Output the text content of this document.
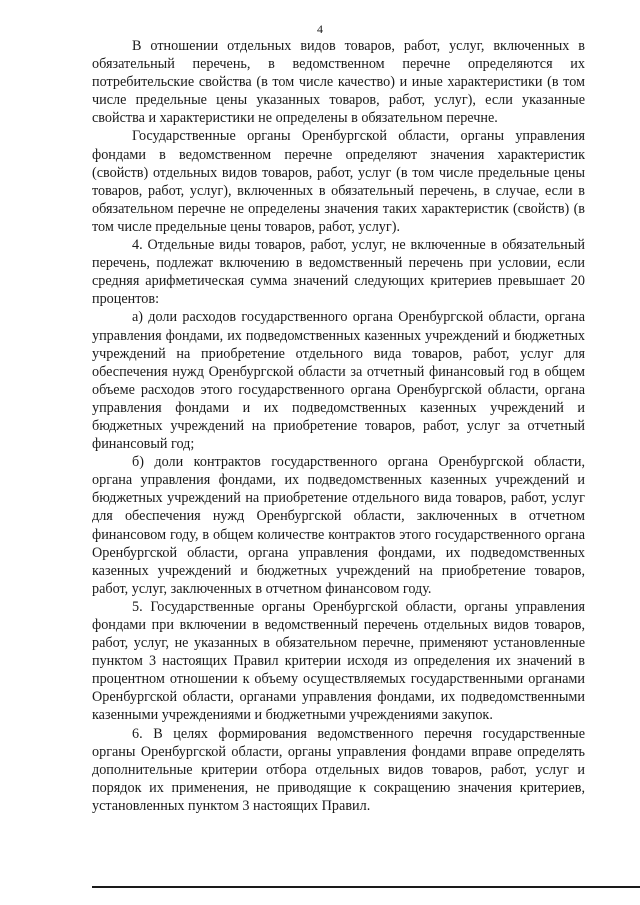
4

В отношении отдельных видов товаров, работ, услуг, включенных в обязательный перечень, в ведомственном перечне определяются их потребительские свойства (в том числе качество) и иные характеристики (в том числе предельные цены указанных товаров, работ, услуг), если указанные свойства и характеристики не определены в обязательном перечне.

Государственные органы Оренбургской области, органы управления фондами в ведомственном перечне определяют значения характеристик (свойств) отдельных видов товаров, работ, услуг (в том числе предельные цены товаров, работ, услуг), включенных в обязательный перечень, в случае, если в обязательном перечне не определены значения таких характеристик (свойств) (в том числе предельные цены товаров, работ, услуг).

4. Отдельные виды товаров, работ, услуг, не включенные в обязательный перечень, подлежат включению в ведомственный перечень при условии, если средняя арифметическая сумма значений следующих критериев превышает 20 процентов:

а) доли расходов государственного органа Оренбургской области, органа управления фондами, их подведомственных казенных учреждений и бюджетных учреждений на приобретение отдельного вида товаров, работ, услуг для обеспечения нужд Оренбургской области за отчетный финансовый год в общем объеме расходов этого государственного органа Оренбургской области, органа управления фондами и их подведомственных казенных учреждений и бюджетных учреждений на приобретение товаров, работ, услуг за отчетный финансовый год;

б) доли контрактов государственного органа Оренбургской области, органа управления фондами, их подведомственных казенных учреждений и бюджетных учреждений на приобретение отдельного вида товаров, работ, услуг для обеспечения нужд Оренбургской области, заключенных в отчетном финансовом году, в общем количестве контрактов этого государственного органа Оренбургской области, органа управления фондами, их подведомственных казенных учреждений и бюджетных учреждений на приобретение товаров, работ, услуг, заключенных в отчетном финансовом году.

5. Государственные органы Оренбургской области, органы управления фондами при включении в ведомственный перечень отдельных видов товаров, работ, услуг, не указанных в обязательном перечне, применяют установленные пунктом 3 настоящих Правил критерии исходя из определения их значений в процентном отношении к объему осуществляемых государственными органами Оренбургской области, органами управления фондами, их подведомственными казенными учреждениями и бюджетными учреждениями закупок.

6. В целях формирования ведомственного перечня государственные органы Оренбургской области, органы управления фондами вправе определять дополнительные критерии отбора отдельных видов товаров, работ, услуг и порядок их применения, не приводящие к сокращению значения критериев, установленных пунктом 3 настоящих Правил.
